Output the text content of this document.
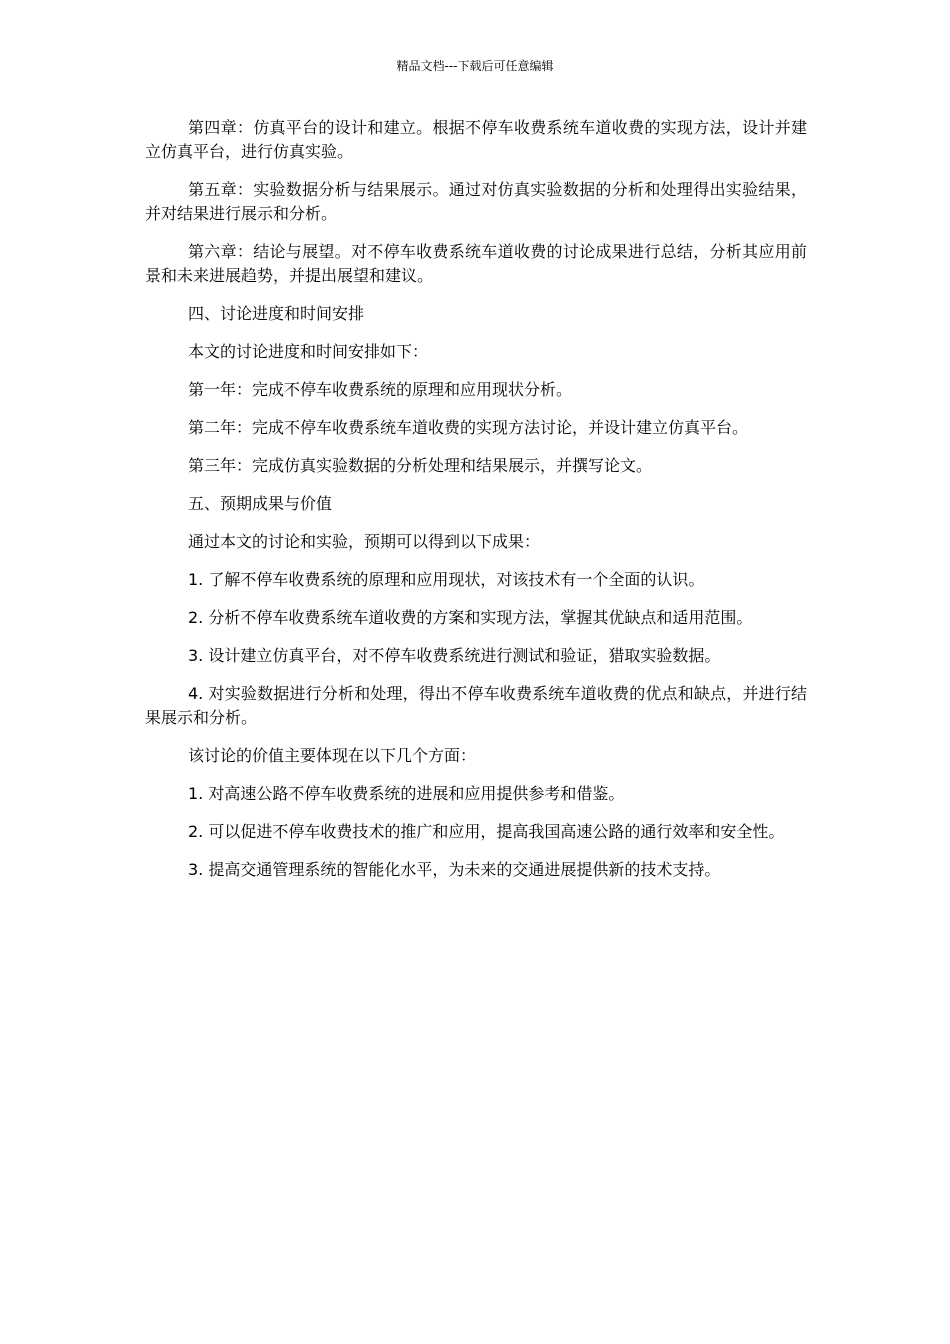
精品文档---下载后可任意编辑

第四章：仿真平台的设计和建立。根据不停车收费系统车道收费的实现方法，设计并建立仿真平台，进行仿真实验。

第五章：实验数据分析与结果展示。通过对仿真实验数据的分析和处理得出实验结果，并对结果进行展示和分析。

第六章：结论与展望。对不停车收费系统车道收费的讨论成果进行总结，分析其应用前景和未来进展趋势，并提出展望和建议。

四、讨论进度和时间安排

本文的讨论进度和时间安排如下：

第一年：完成不停车收费系统的原理和应用现状分析。

第二年：完成不停车收费系统车道收费的实现方法讨论，并设计建立仿真平台。

第三年：完成仿真实验数据的分析处理和结果展示，并撰写论文。

五、预期成果与价值

通过本文的讨论和实验，预期可以得到以下成果：

1. 了解不停车收费系统的原理和应用现状，对该技术有一个全面的认识。

2. 分析不停车收费系统车道收费的方案和实现方法，掌握其优缺点和适用范围。

3. 设计建立仿真平台，对不停车收费系统进行测试和验证，猎取实验数据。

4. 对实验数据进行分析和处理，得出不停车收费系统车道收费的优点和缺点，并进行结果展示和分析。

该讨论的价值主要体现在以下几个方面：

1. 对高速公路不停车收费系统的进展和应用提供参考和借鉴。

2. 可以促进不停车收费技术的推广和应用，提高我国高速公路的通行效率和安全性。

3. 提高交通管理系统的智能化水平，为未来的交通进展提供新的技术支持。
